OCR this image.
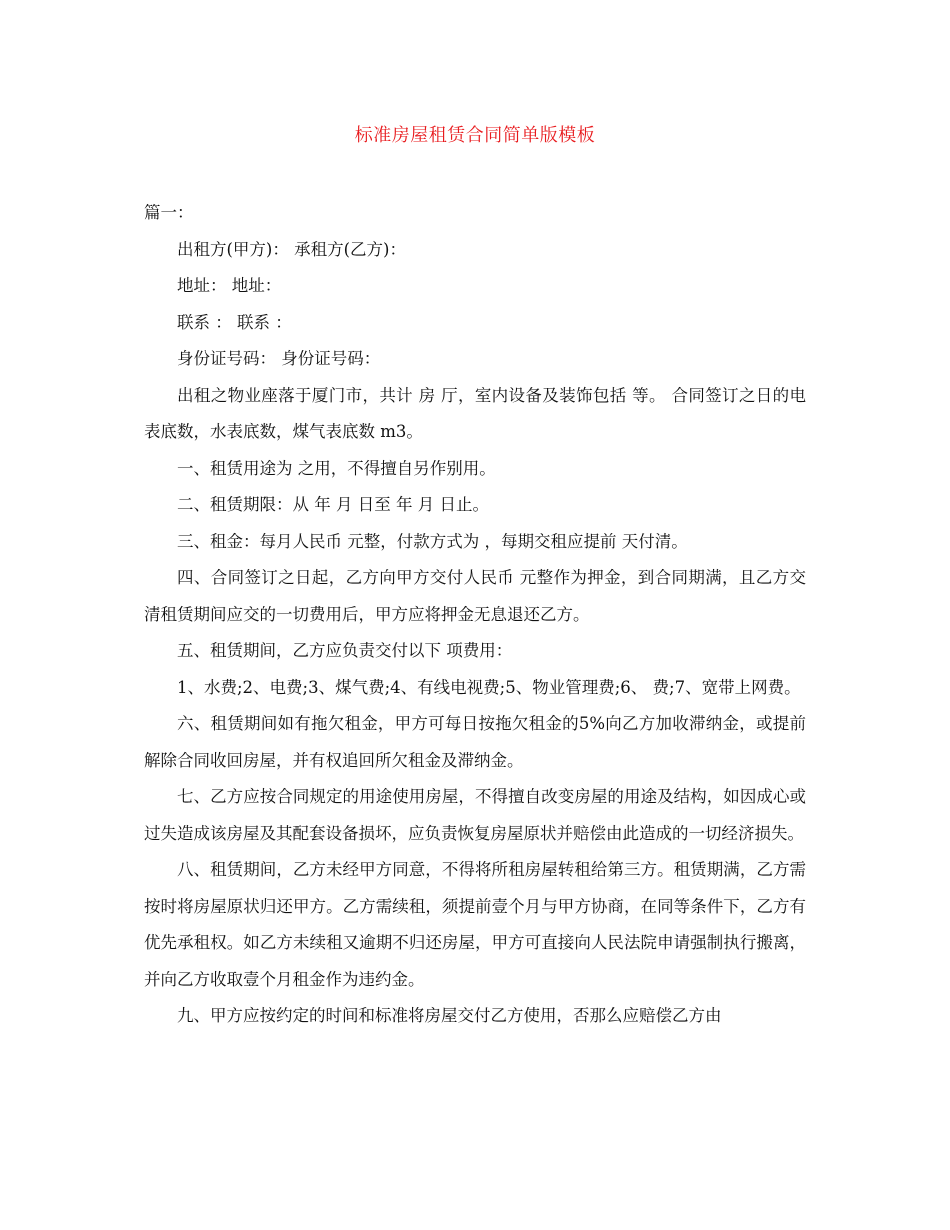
标准房屋租赁合同简单版模板

篇一：

出租方(甲方)： 承租方(乙方)：

地址： 地址：

联系 ： 联系 ：

身份证号码： 身份证号码：

出租之物业座落于厦门市，共计 房 厅，室内设备及装饰包括 等。 合同签订之日的电表底数，水表底数，煤气表底数 m3。

一、租赁用途为 之用，不得擅自另作别用。

二、租赁期限：从 年 月 日至 年 月 日止。

三、租金：每月人民币 元整，付款方式为 ，每期交租应提前 天付清。

四、合同签订之日起，乙方向甲方交付人民币 元整作为押金，到合同期满，且乙方交清租赁期间应交的一切费用后，甲方应将押金无息退还乙方。

五、租赁期间，乙方应负责交付以下 项费用：

1、水费;2、电费;3、煤气费;4、有线电视费;5、物业管理费;6、 费;7、宽带上网费。

六、租赁期间如有拖欠租金，甲方可每日按拖欠租金的5%向乙方加收滞纳金，或提前解除合同收回房屋，并有权追回所欠租金及滞纳金。

七、乙方应按合同规定的用途使用房屋，不得擅自改变房屋的用途及结构，如因成心或过失造成该房屋及其配套设备损坏，应负责恢复房屋原状并赔偿由此造成的一切经济损失。

八、租赁期间，乙方未经甲方同意，不得将所租房屋转租给第三方。租赁期满，乙方需按时将房屋原状归还甲方。乙方需续租，须提前壹个月与甲方协商，在同等条件下，乙方有优先承租权。如乙方未续租又逾期不归还房屋，甲方可直接向人民法院申请强制执行搬离，并向乙方收取壹个月租金作为违约金。

九、甲方应按约定的时间和标准将房屋交付乙方使用，否那么应赔偿乙方由
